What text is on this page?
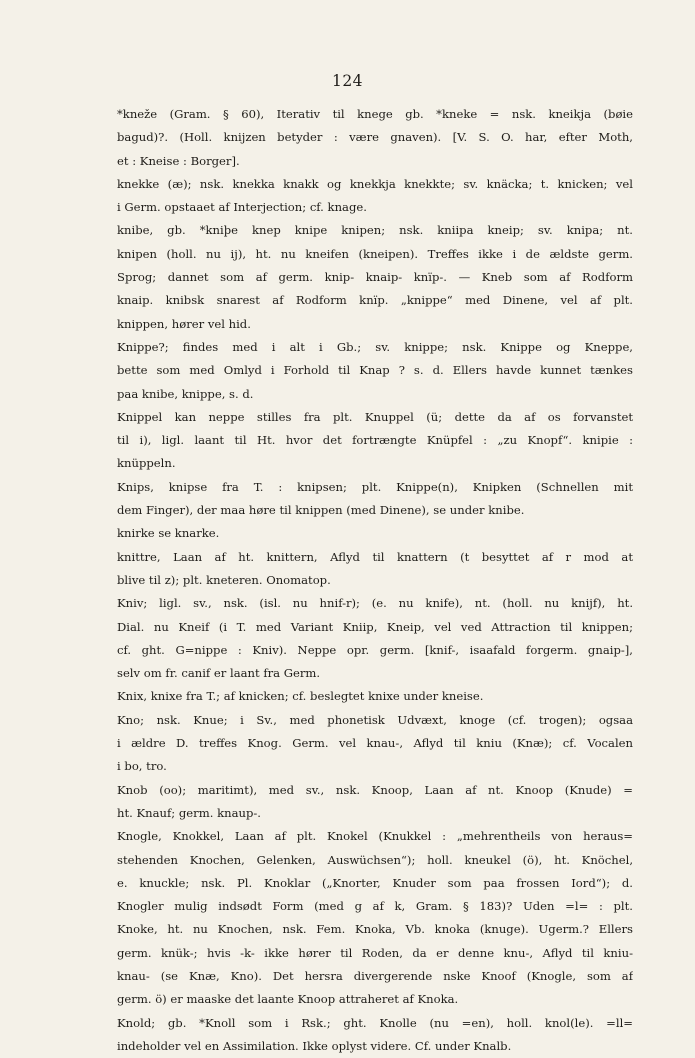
124
*kneže (Gram. § 60), Iterativ til knege gb. *kneke = nsk. kneikja (bøie
bagud)?. (Holl. knijzen betyder : være gnaven). [V. S. O. har, efter Moth,
et : Kneise : Borger].
knekke (æ); nsk. knekka knakk og knekkja knekkte; sv. knäcka; t. knicken; vel
i Germ. opstaaet af Interjection; cf. knage.
knibe, gb. *kniþe knep knipe knipen; nsk. kniipa kneip; sv. knipa; nt.
knipen (holl. nu ij), ht. nu kneifen (kneipen). Treffes ikke i de ældste germ.
Sprog; dannet som af germ. knip- knaip- knïp-. — Kneb som af Rodform
knaip. knibsk snarest af Rodform knïp. „knippe“ med Dinene, vel af plt.
knippen, hører vel hid.
Knippe?; findes med i alt i Gb.; sv. knippe; nsk. Knippe og Kneppe,
bette som med Omlyd i Forhold til Knap ? s. d. Ellers havde kunnet tænkes
paa knibe, knippe, s. d.
Knippel kan neppe stilles fra plt. Knuppel (ü; dette da af os forvanstet
til i), ligl. laant til Ht. hvor det fortrængte Knüpfel : „zu Knopf“. knipie :
knüppeln.
Knips, knipse fra T. : knipsen; plt. Knippe(n), Knipken (Schnellen mit
dem Finger), der maa høre til knippen (med Dinene), se under knibe.
knirke se knarke.
knittre, Laan af ht. knittern, Aflyd til knattern (t besyttet af r mod at
blive til z); plt. kneteren. Onomatop.
Kniv; ligl. sv., nsk. (isl. nu hnif-r); (e. nu knife), nt. (holl. nu knijf), ht.
Dial. nu Kneif (i T. med Variant Kniip, Kneip, vel ved Attraction til knippen;
cf. ght. G=nippe : Kniv). Neppe opr. germ. [knif-, isaafald forgerm. gnaip-],
selv om fr. canif er laant fra Germ.
Knix, knixe fra T.; af knicken; cf. beslegtet knixe under kneise.
Kno; nsk. Knue; i Sv., med phonetisk Udvæxt, knoge (cf. trogen); ogsaa
i ældre D. treffes Knog. Germ. vel knau-, Aflyd til kniu (Knæ); cf. Vocalen
i bo, tro.
Knob (oo); maritimt), med sv., nsk. Knoop, Laan af nt. Knoop (Knude) =
ht. Knauf; germ. knaup-.
Knogle, Knokkel, Laan af plt. Knokel (Knukkel : „mehrentheils von heraus=
stehenden Knochen, Gelenken, Auswüchsen“); holl. kneukel (ö), ht. Knöchel,
e. knuckle; nsk. Pl. Knoklar („Knorter, Knuder som paa frossen Iord“); d.
Knogler mulig indsødt Form (med g af k, Gram. § 183)? Uden =l= : plt.
Knoke, ht. nu Knochen, nsk. Fem. Knoka, Vb. knoka (knuge). Ugerm.? Ellers
germ. knük-; hvis -k- ikke hører til Roden, da er denne knu-, Aflyd til kniu-
knau- (se Knæ, Kno). Det hersra divergerende nske Knoof (Knogle, som af
germ. ö) er maaske det laante Knoop attraheret af Knoka.
Knold; gb. *Knoll som i Rsk.; ght. Knolle (nu =en), holl. knol(le). =ll=
indeholder vel en Assimilation. Ikke oplyst videre. Cf. under Knalb.
